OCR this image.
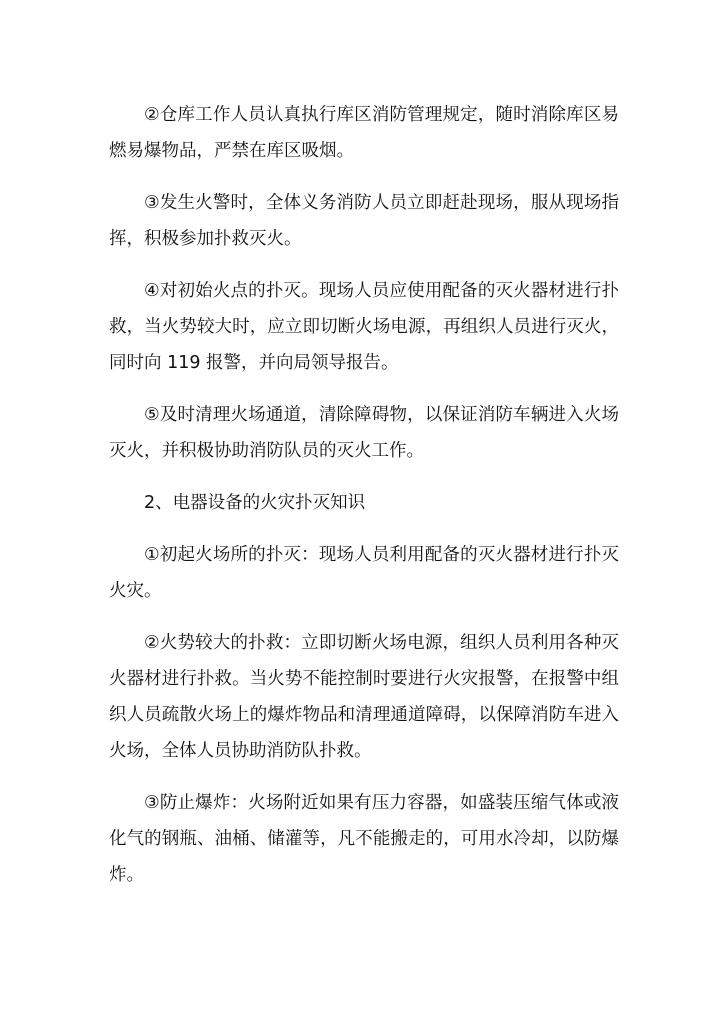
②仓库工作人员认真执行库区消防管理规定，随时消除库区易燃易爆物品，严禁在库区吸烟。

③发生火警时，全体义务消防人员立即赶赴现场，服从现场指挥，积极参加扑救灭火。

④对初始火点的扑灭。现场人员应使用配备的灭火器材进行扑救，当火势较大时，应立即切断火场电源，再组织人员进行灭火，同时向 119 报警，并向局领导报告。

⑤及时清理火场通道，清除障碍物，以保证消防车辆进入火场灭火，并积极协助消防队员的灭火工作。

2、电器设备的火灾扑灭知识

①初起火场所的扑灭：现场人员利用配备的灭火器材进行扑灭火灾。

②火势较大的扑救：立即切断火场电源，组织人员利用各种灭火器材进行扑救。当火势不能控制时要进行火灾报警，在报警中组织人员疏散火场上的爆炸物品和清理通道障碍，以保障消防车进入火场，全体人员协助消防队扑救。

③防止爆炸：火场附近如果有压力容器，如盛装压缩气体或液化气的钢瓶、油桶、储灌等，凡不能搬走的，可用水冷却，以防爆炸。
